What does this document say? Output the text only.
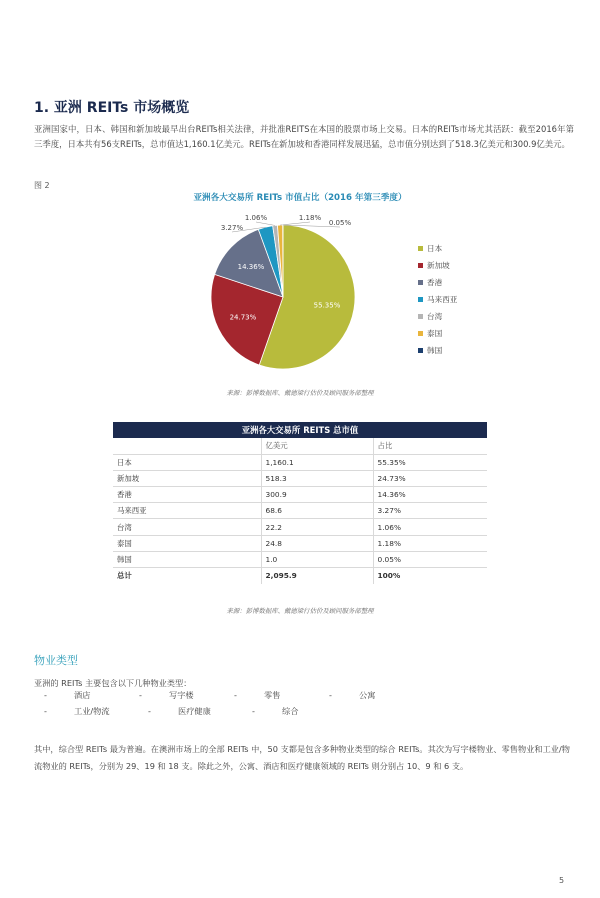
1. 亚洲 REITs 市场概览
亚洲国家中，日本、韩国和新加坡最早出台REITs相关法律，并批准REITS在本国的股票市场上交易。日本的REITs市场尤其活跃：截至2016年第三季度，日本共有56支REITs，总市值达1,160.1亿美元。REITs在新加坡和香港同样发展迅猛，总市值分别达到了518.3亿美元和300.9亿美元。
图 2
亚洲各大交易所 REITs 市值占比（2016 年第三季度）
55.35%
24.73%
14.36%
3.27%
1.06%	1.18%
0.05%
日本
新加坡
香港
马来西亚
台湾
泰国
韩国
来源：彭博数据库、戴德梁行估价及顾问服务部整理
亚洲各大交易所 REITS 总市值		
	亿美元	占比
日本	1,160.1	55.35%
新加坡	518.3	24.73%
香港	300.9	14.36%
马来西亚	68.6	3.27%
台湾	22.2	1.06%
泰国	24.8	1.18%
韩国	1.0	0.05%
总计	2,095.9	100%
来源：彭博数据库、戴德梁行估价及顾问服务部整理
物业类型
亚洲的 REITs 主要包含以下几种物业类型：
-	酒店	-	写字楼	-	零售	-	公寓
-	工业/物流	-	医疗健康	-	综合
其中，综合型 REITs 最为普遍。在澳洲市场上的全部 REITs 中，50 支都是包含多种物业类型的综合 REITs。其次为写字楼物业、零售物业和工业/物流物业的 REITs，分别为 29、19 和 18 支。除此之外，公寓、酒店和医疗健康领域的 REITs 则分别占 10、9 和 6 支。
5
